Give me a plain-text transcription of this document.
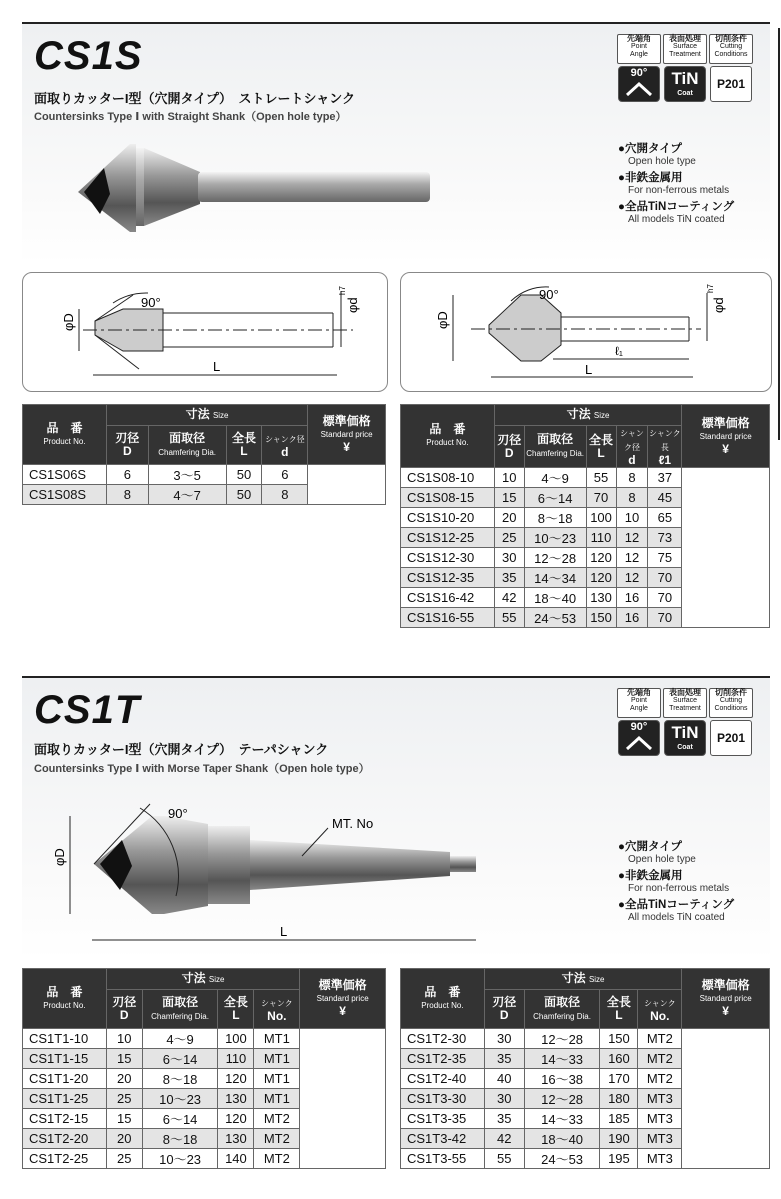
CS1S
面取りカッターI型（穴開タイプ）　ストレートシャンク
Countersinks Type Ⅰ with Straight Shank（Open hole type）
先端角
Point
Angle
表面処理
Surface
Treatment
切削条件
Cutting
Conditions
90°	TiN
Coat
P201
●穴開タイプ
Open hole type
●非鉄金属用
For non-ferrous metals
●全品TiNコーティング
All models TiN coated
90°
φD
L
φd
h7	90°
φD
ℓ₁
L
φd
h7
品　番
Product No.	寸法 Size				標準価格
Standard price
¥
	刃径
D	面取径
Chamfering Dia.	全長
L	シャンク径
d	
CS1S06S	6	3〜5	50	6	
CS1S08S	8	4〜7	50	8	
品　番
Product No.	寸法 Size					標準価格
Standard price
¥
	刃径
D	面取径
Chamfering Dia.	全長
L	シャンク径
d	シャンク長
ℓ1	
CS1S08-10	10	4〜9	55	8	37	
CS1S08-15	15	6〜14	70	8	45	
CS1S10-20	20	8〜18	100	10	65	
CS1S12-25	25	10〜23	110	12	73	
CS1S12-30	30	12〜28	120	12	75	
CS1S12-35	35	14〜34	120	12	70	
CS1S16-42	42	18〜40	130	16	70	
CS1S16-55	55	24〜53	150	16	70	
CS1T
面取りカッターI型（穴開タイプ）　テーパシャンク
Countersinks Type Ⅰ with Morse Taper Shank（Open hole type）
先端角
Point
Angle
表面処理
Surface
Treatment
切削条件
Cutting
Conditions
90°	TiN
Coat
P201
90°
MT. No
φD
L
●穴開タイプ
Open hole type
●非鉄金属用
For non-ferrous metals
●全品TiNコーティング
All models TiN coated
品　番
Product No.	寸法 Size				標準価格
Standard price
¥
	刃径
D	面取径
Chamfering Dia.	全長
L	シャンク
No.	
CS1T1-10	10	4〜9	100	MT1	
CS1T1-15	15	6〜14	110	MT1	
CS1T1-20	20	8〜18	120	MT1	
CS1T1-25	25	10〜23	130	MT1	
CS1T2-15	15	6〜14	120	MT2	
CS1T2-20	20	8〜18	130	MT2	
CS1T2-25	25	10〜23	140	MT2	
品　番
Product No.	寸法 Size				標準価格
Standard price
¥
	刃径
D	面取径
Chamfering Dia.	全長
L	シャンク
No.	
CS1T2-30	30	12〜28	150	MT2	
CS1T2-35	35	14〜33	160	MT2	
CS1T2-40	40	16〜38	170	MT2	
CS1T3-30	30	12〜28	180	MT3	
CS1T3-35	35	14〜33	185	MT3	
CS1T3-42	42	18〜40	190	MT3	
CS1T3-55	55	24〜53	195	MT3	
